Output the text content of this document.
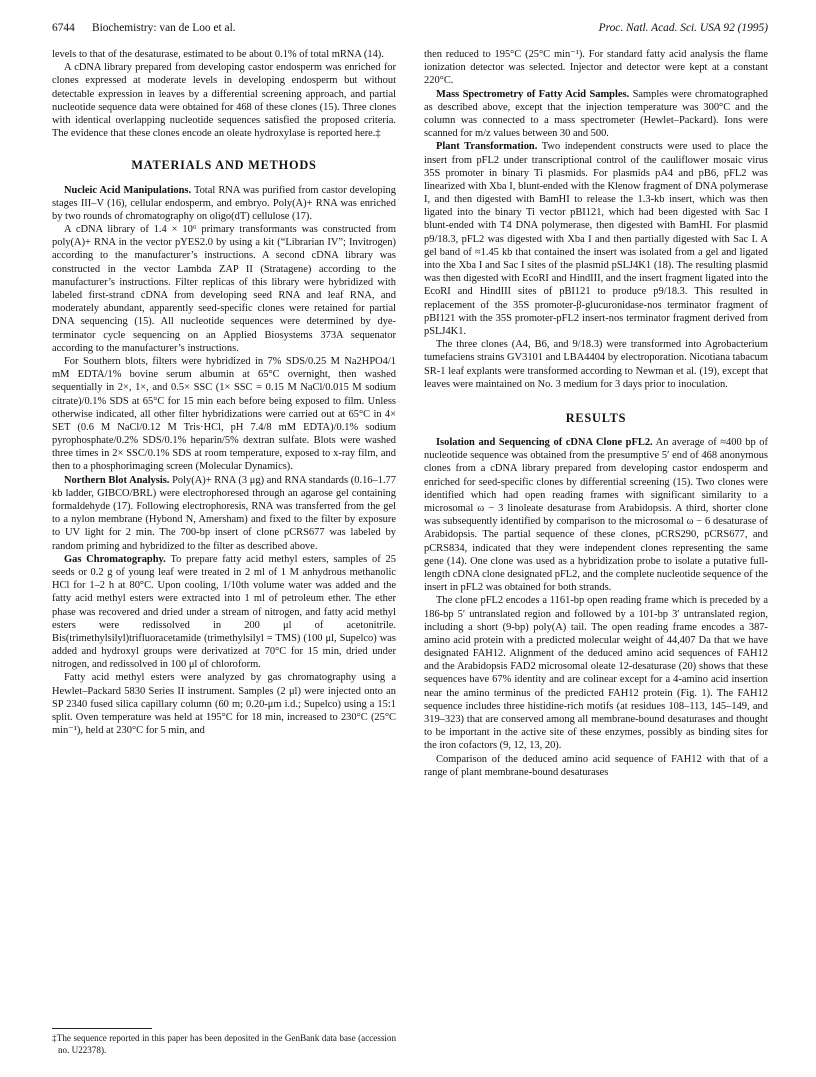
6744 Biochemistry: van de Loo et al.	Proc. Natl. Acad. Sci. USA 92 (1995)

levels to that of the desaturase, estimated to be about 0.1% of total mRNA (14).

A cDNA library prepared from developing castor endosperm was enriched for clones expressed at moderate levels in developing endosperm but without detectable expression in leaves by a differential screening approach, and partial nucleotide sequence data were obtained for 468 of these clones (15). Three clones with identical overlapping nucleotide sequences satisfied the proposed criteria. The evidence that these clones encode an oleate hydroxylase is reported here.‡

MATERIALS AND METHODS

Nucleic Acid Manipulations. Total RNA was purified from castor developing stages III–V (16), cellular endosperm, and embryo. Poly(A)+ RNA was enriched by two rounds of chromatography on oligo(dT) cellulose (17).

A cDNA library of 1.4 × 10⁶ primary transformants was constructed from poly(A)+ RNA in the vector pYES2.0 by using a kit (“Librarian IV”; Invitrogen) according to the manufacturer’s instructions. A second cDNA library was constructed in the vector Lambda ZAP II (Stratagene) according to the manufacturer’s instructions. Filter replicas of this library were hybridized with labeled first-strand cDNA from developing seed RNA and leaf RNA, and moderately abundant, apparently seed-specific clones were retained for partial DNA sequencing (15). All nucleotide sequences were determined by dye-terminator cycle sequencing on an Applied Biosystems 373A sequenator according to the manufacturer’s instructions.

For Southern blots, filters were hybridized in 7% SDS/0.25 M Na2HPO4/1 mM EDTA/1% bovine serum albumin at 65°C overnight, then washed sequentially in 2×, 1×, and 0.5× SSC (1× SSC = 0.15 M NaCl/0.015 M sodium citrate)/0.1% SDS at 65°C for 15 min each before being exposed to film. Unless otherwise indicated, all other filter hybridizations were carried out at 65°C in 4× SET (0.6 M NaCl/0.12 M Tris·HCl, pH 7.4/8 mM EDTA)/0.1% sodium pyrophosphate/0.2% SDS/0.1% heparin/5% dextran sulfate. Blots were washed three times in 2× SSC/0.1% SDS at room temperature, exposed to x-ray film, and then to a phosphorimaging screen (Molecular Dynamics).

Northern Blot Analysis. Poly(A)+ RNA (3 μg) and RNA standards (0.16–1.77 kb ladder, GIBCO/BRL) were electrophoresed through an agarose gel containing formaldehyde (17). Following electrophoresis, RNA was transferred from the gel to a nylon membrane (Hybond N, Amersham) and fixed to the filter by exposure to UV light for 2 min. The 700-bp insert of clone pCRS677 was labeled by random priming and hybridized to the filter as described above.

Gas Chromatography. To prepare fatty acid methyl esters, samples of 25 seeds or 0.2 g of young leaf were treated in 2 ml of 1 M anhydrous methanolic HCl for 1–2 h at 80°C. Upon cooling, 1/10th volume water was added and the fatty acid methyl esters were extracted into 1 ml of petroleum ether. The ether phase was recovered and dried under a stream of nitrogen, and fatty acid methyl esters were redissolved in 200 μl of acetonitrile. Bis(trimethylsilyl)trifluoracetamide (trimethylsilyl = TMS) (100 μl, Supelco) was added and hydroxyl groups were derivatized at 70°C for 15 min, dried under nitrogen, and redissolved in 100 μl of chloroform.

Fatty acid methyl esters were analyzed by gas chromatography using a Hewlet–Packard 5830 Series II instrument. Samples (2 μl) were injected onto an SP 2340 fused silica capillary column (60 m; 0.20-μm i.d.; Supelco) using a 15:1 split. Oven temperature was held at 195°C for 18 min, increased to 230°C (25°C min⁻¹), held at 230°C for 5 min, and

then reduced to 195°C (25°C min⁻¹). For standard fatty acid analysis the flame ionization detector was selected. Injector and detector were kept at a constant 220°C.

Mass Spectrometry of Fatty Acid Samples. Samples were chromatographed as described above, except that the injection temperature was 300°C and the column was connected to a mass spectrometer (Hewlet–Packard). Ions were scanned for m/z values between 30 and 500.

Plant Transformation. Two independent constructs were used to place the insert from pFL2 under transcriptional control of the cauliflower mosaic virus 35S promoter in binary Ti plasmids. For plasmids pA4 and pB6, pFL2 was linearized with Xba I, blunt-ended with the Klenow fragment of DNA polymerase I, and then digested with BamHI to release the 1.3-kb insert, which was then ligated into the binary Ti vector pBI121, which had been digested with Sac I blunt-ended with T4 DNA polymerase, then digested with BamHI. For plasmid p9/18.3, pFL2 was digested with Xba I and then partially digested with Sac I. A gel band of ≈1.45 kb that contained the insert was isolated from a gel and ligated into the Xba I and Sac I sites of the plasmid pSLJ4K1 (18). The resulting plasmid was then digested with EcoRI and HindIII, and the insert fragment ligated into the EcoRI and HindIII sites of pBI121 to produce p9/18.3. This resulted in replacement of the 35S promoter-β-glucuronidase-nos terminator fragment of pBI121 with the 35S promoter-pFL2 insert-nos terminator fragment derived from pSLJ4K1.

The three clones (A4, B6, and 9/18.3) were transformed into Agrobacterium tumefaciens strains GV3101 and LBA4404 by electroporation. Nicotiana tabacum SR-1 leaf explants were transformed according to Newman et al. (19), except that leaves were maintained on No. 3 medium for 3 days prior to inoculation.

RESULTS

Isolation and Sequencing of cDNA Clone pFL2. An average of ≈400 bp of nucleotide sequence was obtained from the presumptive 5′ end of 468 anonymous clones from a cDNA library prepared from developing castor endosperm and enriched for seed-specific clones by differential screening (15). Two clones were identified which had open reading frames with significant similarity to a microsomal ω − 3 linoleate desaturase from Arabidopsis. A third, shorter clone was subsequently identified by comparison to the microsomal ω − 6 desaturase of Arabidopsis. The partial sequence of these clones, pCRS290, pCRS677, and pCRS834, indicated that they were independent clones representing the same gene (14). One clone was used as a hybridization probe to isolate a putative full-length cDNA clone designated pFL2, and the complete nucleotide sequence of the insert in pFL2 was obtained for both strands.

The clone pFL2 encodes a 1161-bp open reading frame which is preceded by a 186-bp 5′ untranslated region and followed by a 101-bp 3′ untranslated region, including a short (9-bp) poly(A) tail. The open reading frame encodes a 387-amino acid protein with a predicted molecular weight of 44,407 Da that we have designated FAH12. Alignment of the deduced amino acid sequences of FAH12 and the Arabidopsis FAD2 microsomal oleate 12-desaturase (20) shows that these sequences have 67% identity and are colinear except for a 4-amino acid insertion near the amino terminus of the predicted FAH12 protein (Fig. 1). The FAH12 sequence includes three histidine-rich motifs (at residues 108–113, 145–149, and 319–323) that are conserved among all membrane-bound desaturases and thought to be important in the active site of these enzymes, possibly as binding sites for the iron cofactors (9, 12, 13, 20).

Comparison of the deduced amino acid sequence of FAH12 with that of a range of plant membrane-bound desaturases

‡The sequence reported in this paper has been deposited in the GenBank data base (accession no. U22378).
